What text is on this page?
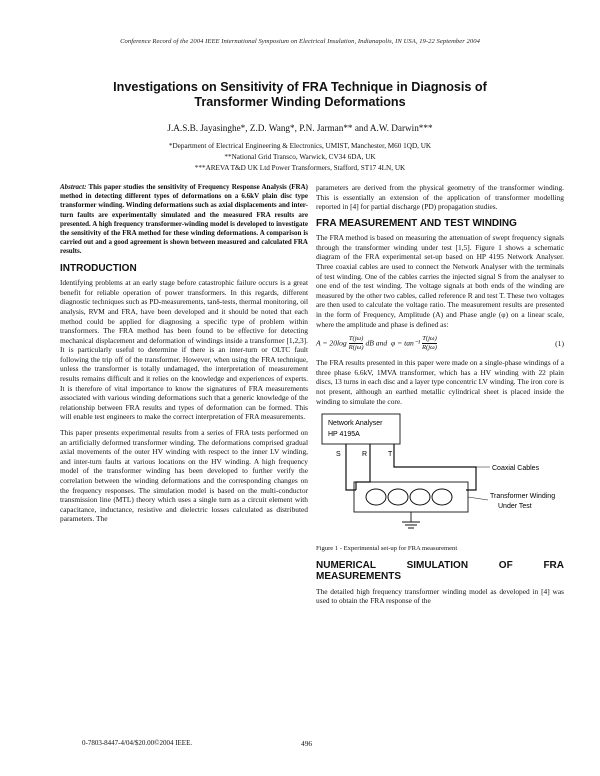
Conference Record of the 2004 IEEE International Symposium on Electrical Insulation, Indianapolis, IN USA, 19-22 September 2004
Investigations on Sensitivity of FRA Technique in Diagnosis of
Transformer Winding Deformations
J.A.S.B. Jayasinghe*, Z.D. Wang*, P.N. Jarman** and A.W. Darwin***
*Department of Electrical Engineering & Electronics, UMIST, Manchester, M60 1QD, UK
**National Grid Transco, Warwick, CV34 6DA, UK
***AREVA T&D UK Ltd Power Transformers, Stafford, ST17 4LN, UK

Abstract: This paper studies the sensitivity of Frequency Response Analysis (FRA) method in detecting different types of deformations on a 6.6kV plain disc type transformer winding. Winding deformations such as axial displacements and inter-turn faults are experimentally simulated and the measured FRA results are presented. A high frequency transformer-winding model is developed to investigate the sensitivity of the FRA method for these winding deformations. A comparison is carried out and a good agreement is shown between measured and calculated FRA results.

INTRODUCTION

Identifying problems at an early stage before catastrophic failure occurs is a great benefit for reliable operation of power transformers. In this regards, different diagnostic techniques such as PD-measurements, tanδ-tests, thermal monitoring, oil analysis, RVM and FRA, have been developed and it should be noted that each method could be applied for diagnosing a specific type of problem within transformers. The FRA method has been found to be effective for detecting mechanical displacement and deformation of windings inside a transformer [1,2,3]. It is particularly useful to determine if there is an inter-turn or OLTC fault following the trip off of the transformer. However, when using the FRA technique, unless the transformer is totally undamaged, the interpretation of measurement results remains difficult and it relies on the knowledge and experiences of experts. It is therefore of vital importance to know the signatures of FRA measurements associated with various winding deformations such that a generic knowledge of the relationship between FRA results and types of deformation can be formed. This will enable test engineers to make the correct interpretation of FRA measurements.

This paper presents experimental results from a series of FRA tests performed on an artificially deformed transformer winding. The deformations comprised gradual axial movements of the outer HV winding with respect to the inner LV winding, and inter-turn faults at various locations on the HV winding. A high frequency model of the transformer winding has been developed to further verify the correlation between the winding deformations and the corresponding changes on the frequency responses. The simulation model is based on the multi-conductor transmission line (MTL) theory which uses a single turn as a circuit element with capacitance, inductance, resistive and dielectric losses calculated as distributed parameters. The

parameters are derived from the physical geometry of the transformer winding. This is essentially an extension of the application of transformer modelling reported in [4] for partial discharge (PD) propagation studies.

FRA MEASUREMENT AND TEST WINDING

The FRA method is based on measuring the attenuation of swept frequency signals through the transformer winding under test [1,5]. Figure 1 shows a schematic diagram of the FRA experimental set-up based on HP 4195 Network Analyser. Three coaxial cables are used to connect the Network Analyser with the terminals of test winding. One of the cables carries the injected signal S from the analyser to one end of the test winding. The voltage signals at both ends of the winding are measured by the other two cables, called reference R and test T. These two voltages are then used to calculate the voltage ratio. The measurement results are presented in the form of Frequency, Amplitude (A) and Phase angle (φ) on a linear scale, where the amplitude and phase is defined as:

$A = 20\log \frac{T(j\omega)}{R(j\omega)}$ dB and $\varphi = \tan^{-1} \frac{T(j\omega)}{R(j\omega)}$	(1)

The FRA results presented in this paper were made on a single-phase windings of a three phase 6.6kV, 1MVA transformer, which has a HV winding with 22 plain discs, 13 turns in each disc and a layer type concentric LV winding. The iron core is not present, although an earthed metallic cylindrical sheet is placed inside the winding to simulate the core.

Network Analyser
HP 4195A
S	R	T
Coaxial Cables
Transformer Winding
Under Test
Figure 1 - Experimental set-up for FRA measurement
NUMERICAL SIMULATION OF FRA MEASUREMENTS

The detailed high frequency transformer winding model as developed in [4] was used to obtain the FRA response of the

0-7803-8447-4/04/$20.00©2004 IEEE.	496
